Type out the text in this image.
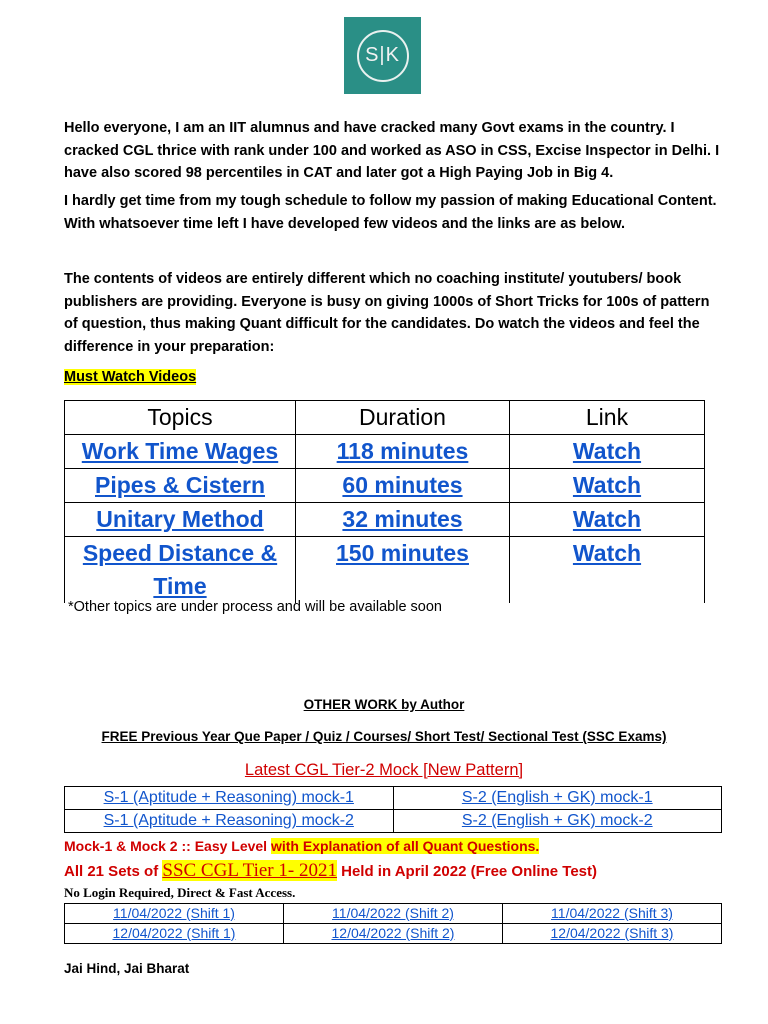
S|K

Hello everyone, I am an IIT alumnus and have cracked many Govt exams in the country. I cracked CGL thrice with rank under 100 and worked as ASO in CSS, Excise Inspector in Delhi. I have also scored 98 percentiles in CAT and later got a High Paying Job in Big 4.

I hardly get time from my tough schedule to follow my passion of making Educational Content. With whatsoever time left I have developed few videos and the links are as below.

The contents of videos are entirely different which no coaching institute/ youtubers/ book publishers are providing. Everyone is busy on giving 1000s of Short Tricks for 100s of pattern of question, thus making Quant difficult for the candidates. Do watch the videos and feel the difference in your preparation:

Must Watch Videos
Topics	Duration	Link
Work Time Wages	118 minutes	Watch
Pipes & Cistern	60 minutes	Watch
Unitary Method	32 minutes	Watch
Speed Distance & Time	150 minutes	Watch
*Other topics are under process and will be available soon
OTHER WORK by Author
FREE Previous Year Que Paper / Quiz / Courses/ Short Test/ Sectional Test (SSC Exams)
Latest CGL Tier-2 Mock [New Pattern]
S-1 (Aptitude + Reasoning) mock-1	S-2 (English + GK) mock-1
S-1 (Aptitude + Reasoning) mock-2	S-2 (English + GK) mock-2
Mock-1 & Mock 2 :: Easy Level with Explanation of all Quant Questions.
All 21 Sets of SSC CGL Tier 1- 2021 Held in April 2022 (Free Online Test)
No Login Required, Direct & Fast Access.
11/04/2022 (Shift 1)	11/04/2022 (Shift 2)	11/04/2022 (Shift 3)
12/04/2022 (Shift 1)	12/04/2022 (Shift 2)	12/04/2022 (Shift 3)
Jai Hind, Jai Bharat
